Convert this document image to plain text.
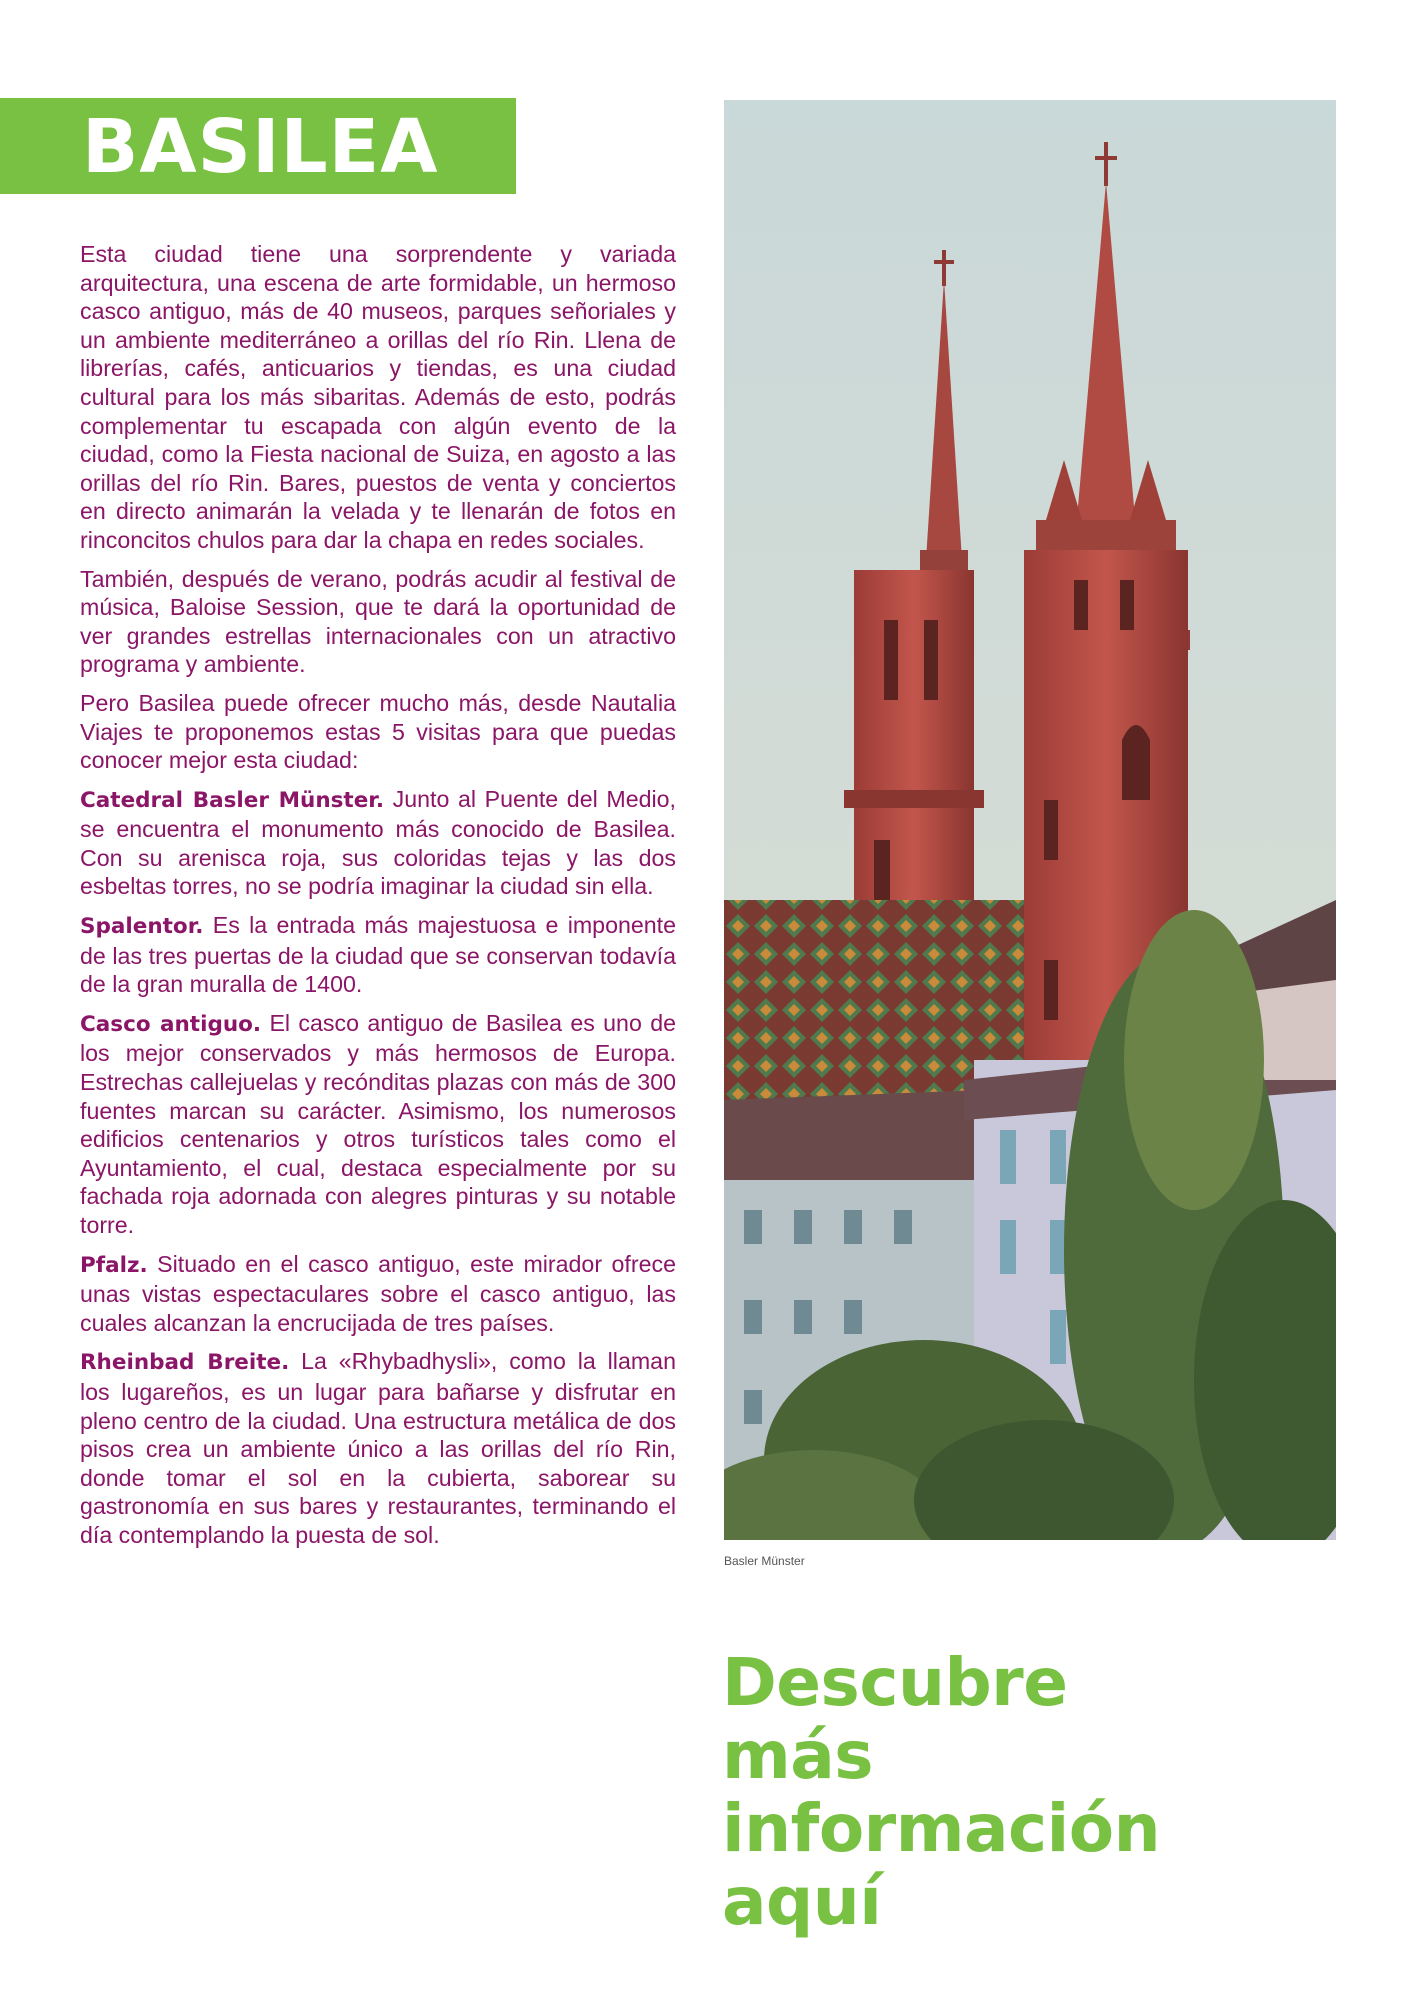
BASILEA

Esta ciudad tiene una sorprendente y variada arquitectura, una escena de arte formidable, un hermoso casco antiguo, más de 40 museos, parques señoriales y un ambiente mediterráneo a orillas del río Rin. Llena de librerías, cafés, anticuarios y tiendas, es una ciudad cultural para los más sibaritas. Además de esto, podrás complementar tu escapada con algún evento de la ciudad, como la Fiesta nacional de Suiza, en agosto a las orillas del río Rin. Bares, puestos de venta y conciertos en directo animarán la velada y te llenarán de fotos en rinconcitos chulos para dar la chapa en redes sociales.

También, después de verano, podrás acudir al festival de música, Baloise Session, que te dará la oportunidad de ver grandes estrellas internacionales con un atractivo programa y ambiente.

Pero Basilea puede ofrecer mucho más, desde Nautalia Viajes te proponemos estas 5 visitas para que puedas conocer mejor esta ciudad:

Catedral Basler Münster. Junto al Puente del Medio, se encuentra el monumento más conocido de Basilea. Con su arenisca roja, sus coloridas tejas y las dos esbeltas torres, no se podría imaginar la ciudad sin ella.

Spalentor. Es la entrada más majestuosa e imponente de las tres puertas de la ciudad que se conservan todavía de la gran muralla de 1400.

Casco antiguo. El casco antiguo de Basilea es uno de los mejor conservados y más hermosos de Europa. Estrechas callejuelas y recónditas plazas con más de 300 fuentes marcan su carácter. Asimismo, los numerosos edificios centenarios y otros turísticos tales como el Ayuntamiento, el cual, destaca especialmente por su fachada roja adornada con alegres pinturas y su notable torre.

Pfalz. Situado en el casco antiguo, este mirador ofrece unas vistas espectaculares sobre el casco antiguo, las cuales alcanzan la encrucijada de tres países.

Rheinbad Breite. La «Rhybadhysli», como la llaman los lugareños, es un lugar para bañarse y disfrutar en pleno centro de la ciudad. Una estructura metálica de dos pisos crea un ambiente único a las orillas del río Rin, donde tomar el sol en la cubierta, saborear su gastronomía en sus bares y restaurantes, terminando el día contemplando la puesta de sol.

Basler Münster
Descubre
más
información
aquí
